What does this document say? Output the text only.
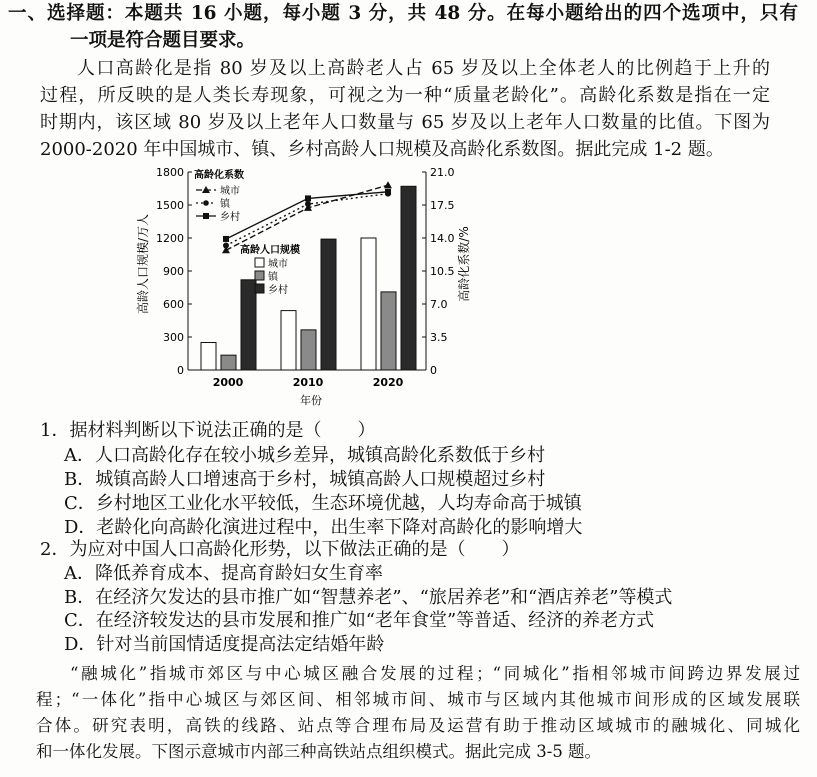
一、选择题：本题共 16 小题，每小题 3 分，共 48 分。在每小题给出的四个选项中，只有
一项是符合题目要求。
人口高龄化是指 80 岁及以上高龄老人占 65 岁及以上全体老人的比例趋于上升的
过程，所反映的是人类长寿现象，可视之为一种“质量老龄化”。高龄化系数是指在一定
时期内，该区域 80 岁及以上老年人口数量与 65 岁及以上老年人口数量的比值。下图为
2000-2020 年中国城市、镇、乡村高龄人口规模及高龄化系数图。据此完成 1-2 题。
0
300
600
900
1200
1500
1800
0
3.5
7.0
10.5
14.0
17.5
21.0
2000	2010	2020
高龄化系数
城市
镇
乡村
高龄人口规模
城市
镇
乡村
高龄人口规模/万人	高龄化系数/%
年份
1．据材料判断以下说法正确的是（　　）
A．人口高龄化存在较小城乡差异，城镇高龄化系数低于乡村
B．城镇高龄人口增速高于乡村，城镇高龄人口规模超过乡村
C．乡村地区工业化水平较低，生态环境优越，人均寿命高于城镇
D．老龄化向高龄化演进过程中，出生率下降对高龄化的影响增大
2．为应对中国人口高龄化形势，以下做法正确的是（　　）
A．降低养育成本、提高育龄妇女生育率
B．在经济欠发达的县市推广如“智慧养老”、“旅居养老”和“酒店养老”等模式
C．在经济较发达的县市发展和推广如“老年食堂”等普适、经济的养老方式
D．针对当前国情适度提高法定结婚年龄
“融城化”指城市郊区与中心城区融合发展的过程；“同城化”指相邻城市间跨边界发展过
程；“一体化”指中心城区与郊区间、相邻城市间、城市与区域内其他城市间形成的区域发展联
合体。研究表明，高铁的线路、站点等合理布局及运营有助于推动区域城市的融城化、同城化
和一体化发展。下图示意城市内部三种高铁站点组织模式。据此完成 3-5 题。
